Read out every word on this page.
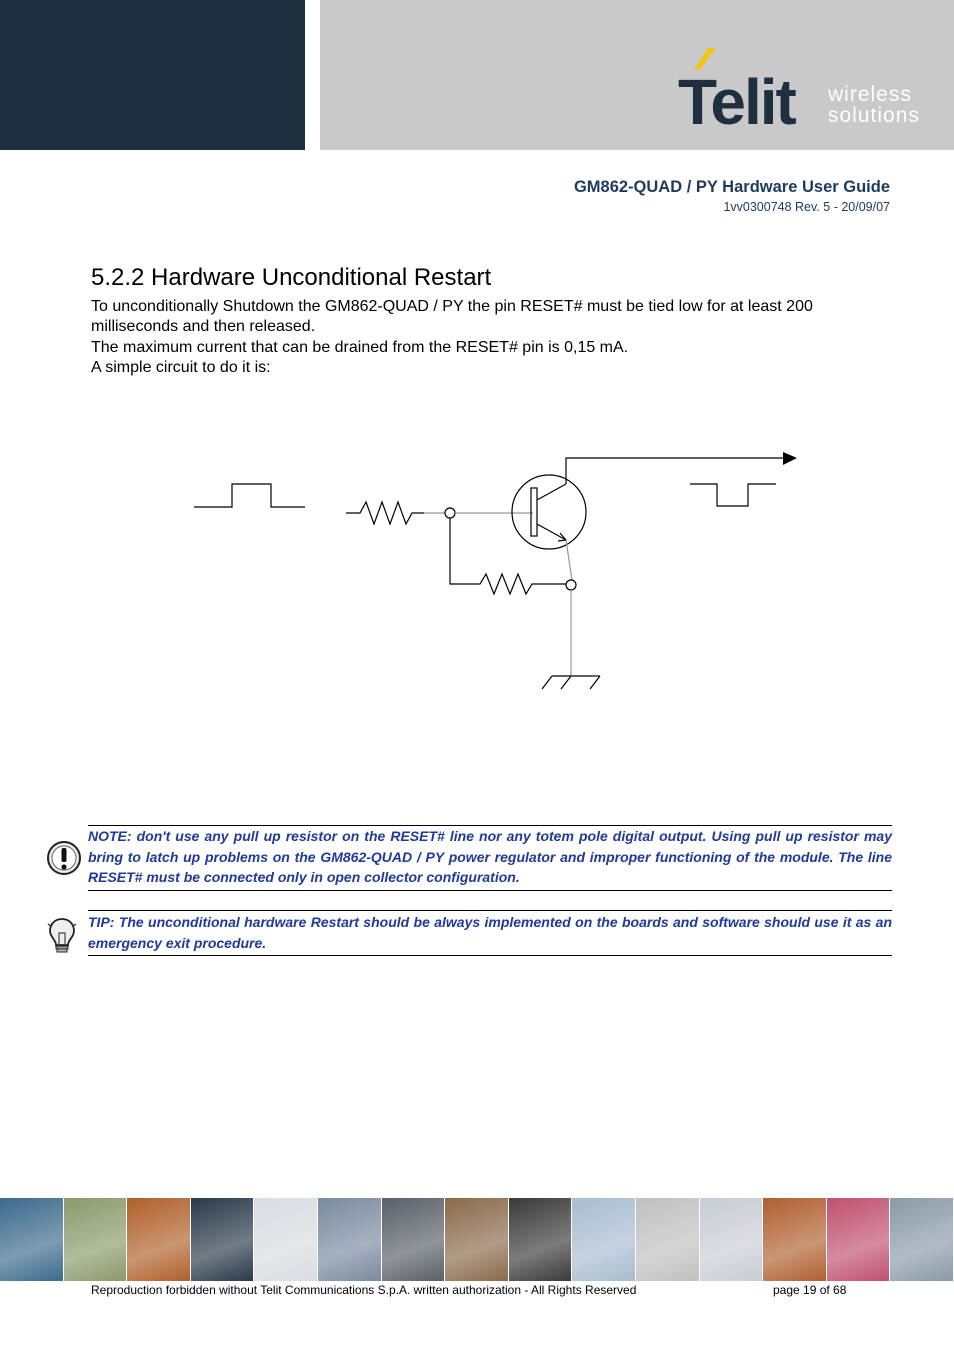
Telit wireless
solutions
GM862-QUAD / PY Hardware User Guide
1vv0300748 Rev. 5 - 20/09/07
5.2.2 Hardware Unconditional Restart
To unconditionally Shutdown the GM862-QUAD / PY the pin RESET# must be tied low for at least 200 milliseconds and then released.
The maximum current that can be drained from the RESET# pin is 0,15 mA.
A simple circuit to do it is:

NOTE: don't use any pull up resistor on the RESET# line nor any totem pole digital output. Using pull up resistor may bring to latch up problems on the GM862-QUAD / PY power regulator and improper functioning of the module. The line RESET# must be connected only in open collector configuration.

TIP: The unconditional hardware Restart should be always implemented on the boards and software should use it as an emergency exit procedure.

Reproduction forbidden without Telit Communications S.p.A. written authorization - All Rights Reserved	page 19 of 68
